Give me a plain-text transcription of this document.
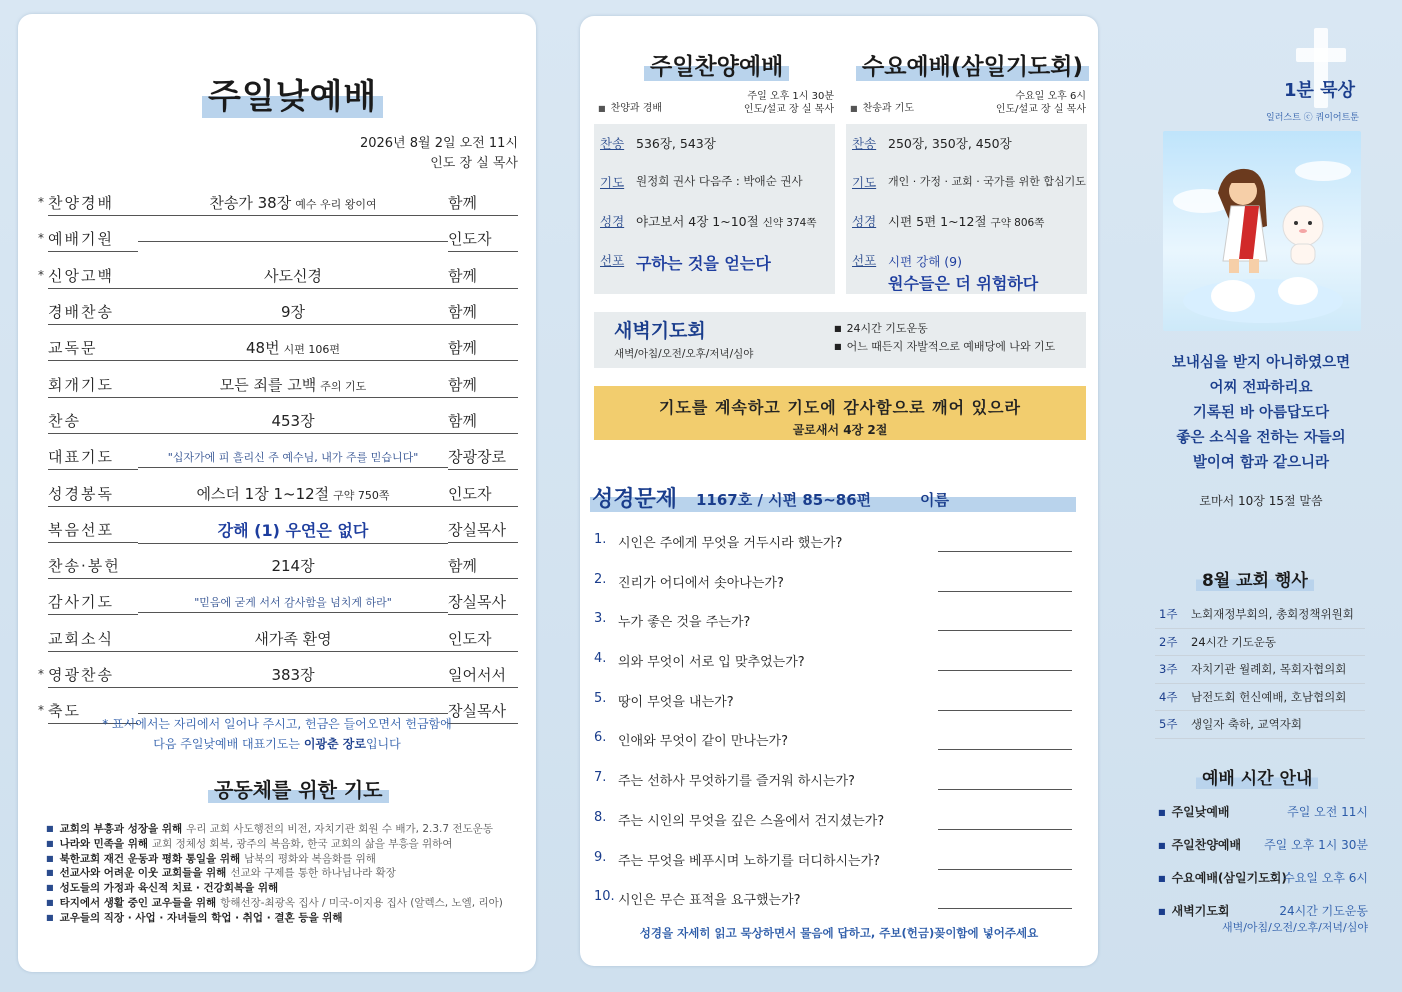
주일낮예배
2026년 8월 2일 오전 11시
인도 장 실 목사
* 찬양경배	찬송가 38장 예수 우리 왕이여	함께
* 예배기원	인도자
* 신앙고백	사도신경	함께
경배찬송	9장	함께
교독문	48번 시편 106편	함께
회개기도	모든 죄를 고백 주의 기도	함께
찬송	453장	함께
대표기도	"십자가에 피 흘리신 주 예수님, 내가 주를 믿습니다"	장광장로
성경봉독	에스더 1장 1~12절 구약 750쪽	인도자
복음선포	강해 (1) 우연은 없다	장실목사
찬송·봉헌	214장	함께
감사기도	"믿음에 굳게 서서 감사함을 넘치게 하라"	장실목사
교회소식	새가족 환영	인도자
* 영광찬송	383장	일어서서
* 축도	장실목사
* 표시에서는 자리에서 일어나 주시고, 헌금은 들어오면서 헌금함에
다음 주일낮예배 대표기도는 이광춘 장로입니다
공동체를 위한 기도
■ 교회의 부흥과 성장을 위해 우리 교회 사도행전의 비전, 자치기관 회원 수 배가, 2.3.7 전도운동
■ 나라와 민족을 위해 교회 정체성 회복, 광주의 복음화, 한국 교회의 삶을 부흥을 위하여
■ 북한교회 재건 운동과 평화 통일을 위해 남북의 평화와 복음화를 위해
■ 선교사와 어려운 이웃 교회들을 위해 선교와 구제를 통한 하나님나라 확장
■ 성도들의 가정과 육신적 치료 · 건강회복을 위해
■ 타지에서 생활 중인 교우들을 위해 항해선장-최광옥 집사 / 미국-이지용 집사 (알렉스, 노엘, 리아)
■ 교우들의 직장 · 사업 · 자녀들의 학업 · 취업 · 결혼 등을 위해
주일찬양예배	수요예배(삼일기도회)
■ 찬양과 경배
주일 오후 1시 30분
인도/설교 장 실 목사
■	찬송과 기도
수요일 오후 6시
인도/설교 장 실 목사
찬송 536장, 543장
기도	원정희 권사 다음주 : 박애순 권사
성경 야고보서 4장 1~10절 신약 374쪽
선포 구하는 것을 얻는다
찬송 250장, 350장, 450장
기도	개인 · 가정 · 교회 · 국가를 위한 합심기도
성경 시편 5편 1~12절 구약 806쪽
선포 시편 강해 (9)
원수들은 더 위험하다
새벽기도회
새벽/아침/오전/오후/저녁/심야
■ 24시간 기도운동
■ 어느 때든지 자발적으로 예배당에 나와 기도
기도를 계속하고 기도에 감사함으로 깨어 있으라
골로새서 4장 2절
성경문제 1167호 / 시편 85~86편	이름
1. 시인은 주에게 무엇을 거두시라 했는가?
2. 진리가 어디에서 솟아나는가?
3. 누가 좋은 것을 주는가?
4. 의와 무엇이 서로 입 맞추었는가?
5. 땅이 무엇을 내는가?
6. 인애와 무엇이 같이 만나는가?
7. 주는 선하사 무엇하기를 즐거워 하시는가?
8. 주는 시인의 무엇을 깊은 스올에서 건지셨는가?
9. 주는 무엇을 베푸시며 노하기를 더디하시는가?
10. 시인은 무슨 표적을 요구했는가?
성경을 자세히 읽고 묵상하면서 물음에 답하고, 주보(헌금)꽂이함에 넣어주세요
1분 묵상
일러스트 ⓒ 쿼이어트툰
보내심을 받지 아니하였으면
어찌 전파하리요
기록된 바 아름답도다
좋은 소식을 전하는 자들의
발이여 함과 같으니라
로마서 10장 15절 말씀
8월 교회 행사
1주	노회재정부회의, 총회정책위원회
2주	24시간 기도운동
3주	자치기관 월례회, 목회자협의회
4주	남전도회 헌신예배, 호남협의회
5주	생일자 축하, 교역자회
예배 시간 안내
■ 주일낮예배	주일 오전 11시
■ 주일찬양예배 주일 오후 1시 30분
■ 수요예배(삼일기도회)
수요일 오후 6시
■ 새벽기도회	24시간 기도운동
새벽/아침/오전/오후/저녁/심야
